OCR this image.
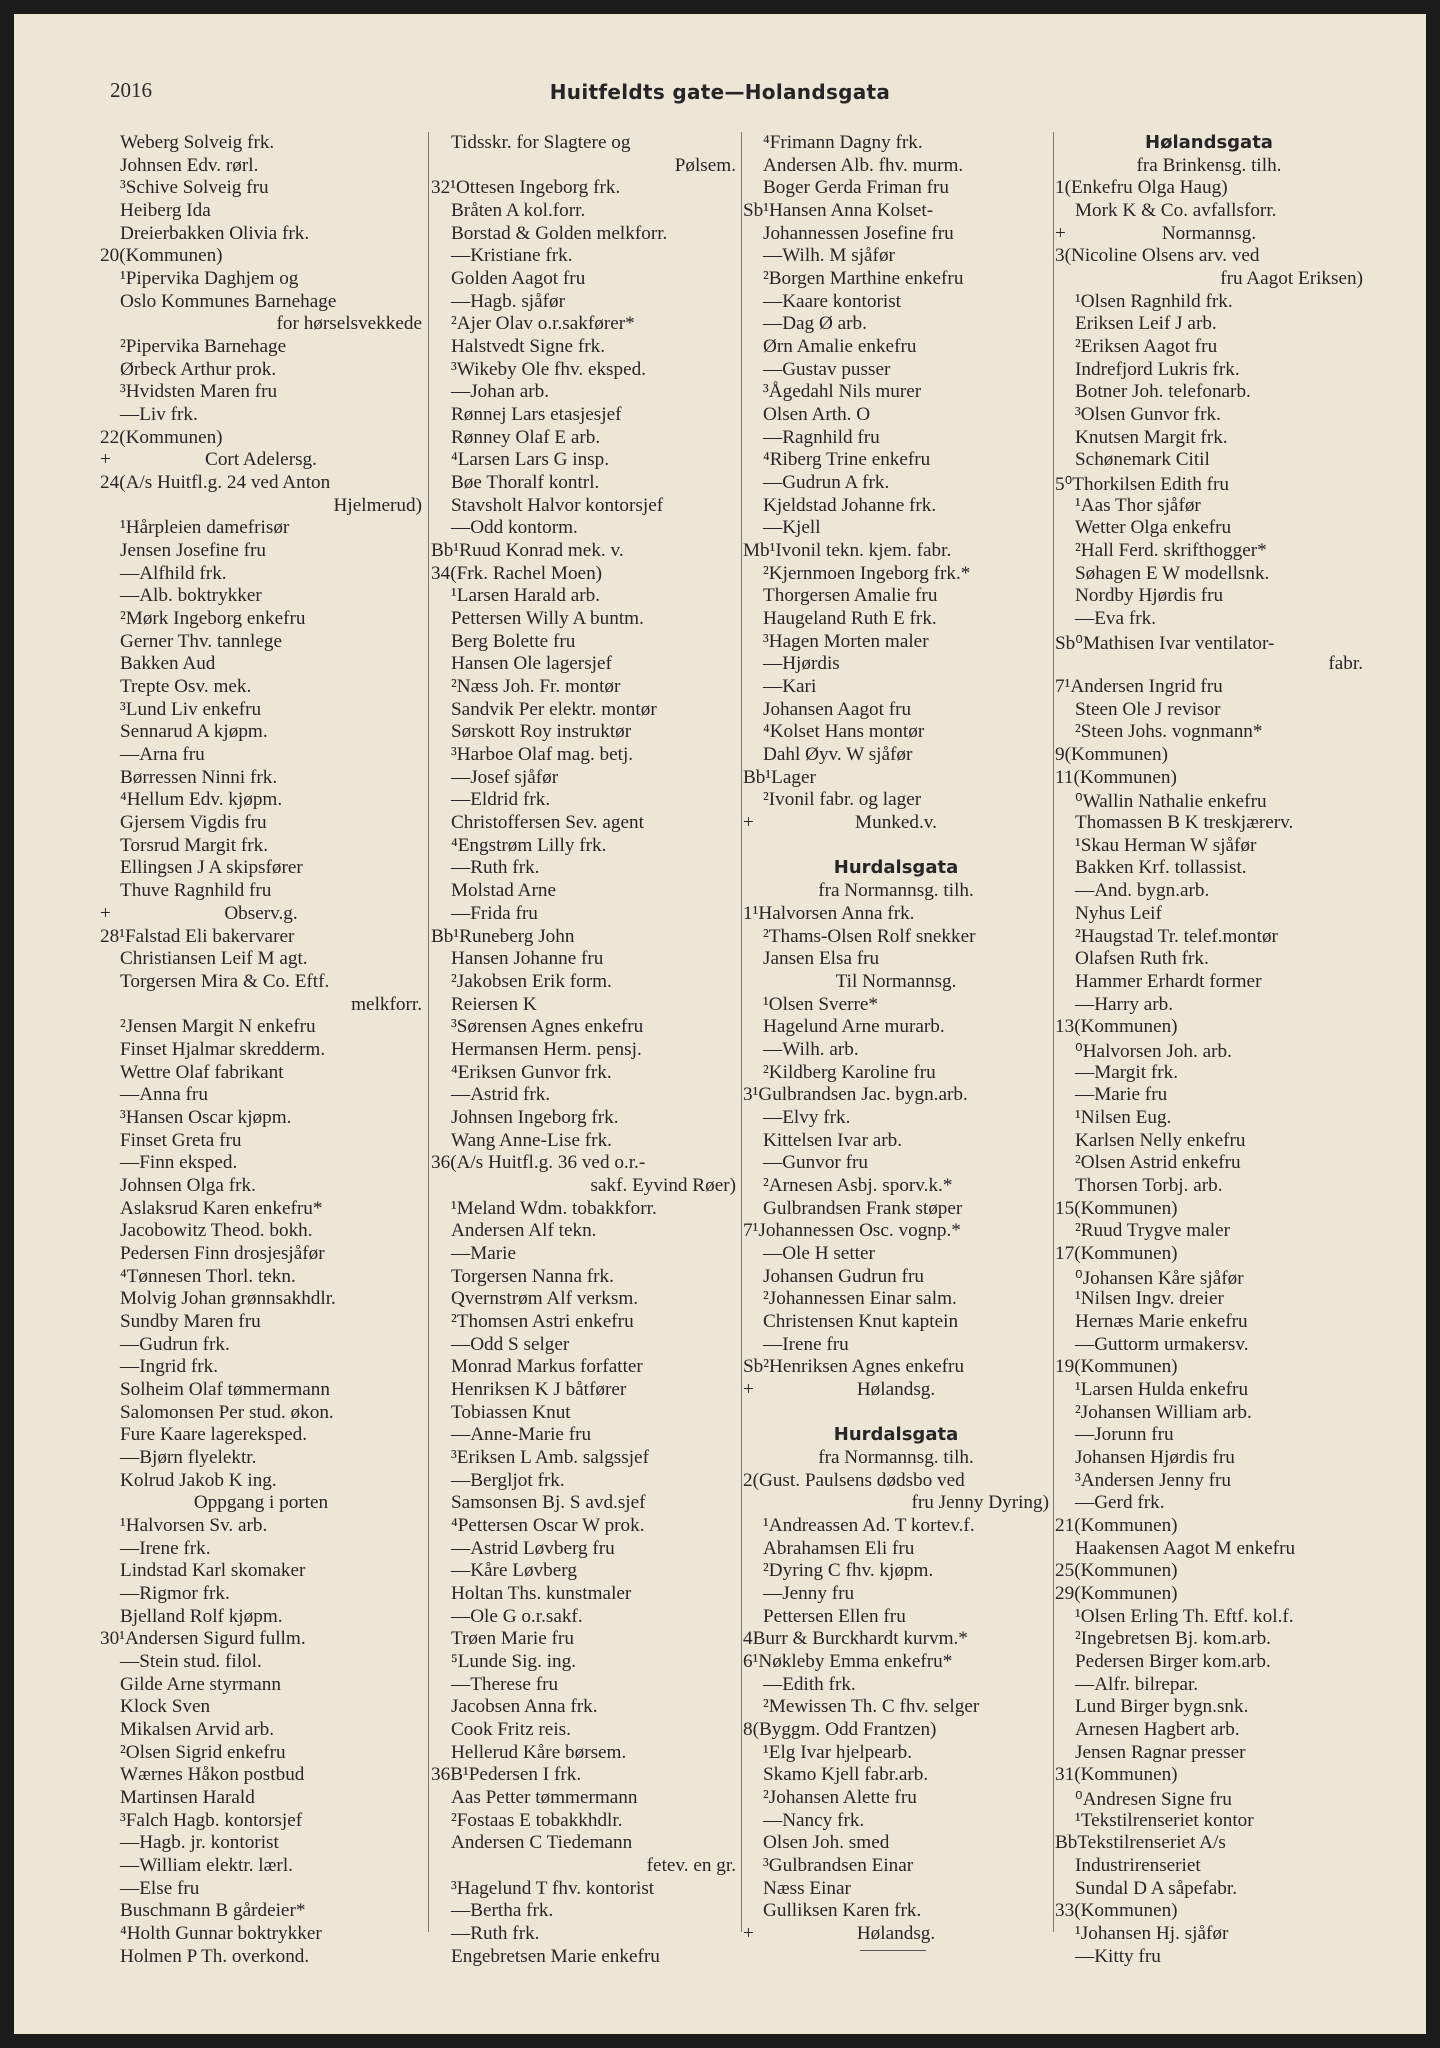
2016	Huitfeldts gate—Holandsgata
Weberg Solveig frk.
Johnsen Edv. rørl.
³Schive Solveig fru
Heiberg Ida
Dreierbakken Olivia frk.
20(Kommunen)
¹Pipervika Daghjem og
Oslo Kommunes Barnehage
for hørselsvekkede
²Pipervika Barnehage
Ørbeck Arthur prok.
³Hvidsten Maren fru
—Liv frk.
22(Kommunen)
+	Cort Adelersg.
24(A/s Huitfl.g. 24 ved Anton
Hjelmerud)
¹Hårpleien damefrisør
Jensen Josefine fru
—Alfhild frk.
—Alb. boktrykker
²Mørk Ingeborg enkefru
Gerner Thv. tannlege
Bakken Aud
Trepte Osv. mek.
³Lund Liv enkefru
Sennarud A kjøpm.
—Arna fru
Børressen Ninni frk.
⁴Hellum Edv. kjøpm.
Gjersem Vigdis fru
Torsrud Margit frk.
Ellingsen J A skipsfører
Thuve Ragnhild fru
+	Observ.g.
28¹Falstad Eli bakervarer
Christiansen Leif M agt.
Torgersen Mira & Co. Eftf.
melkforr.
²Jensen Margit N enkefru
Finset Hjalmar skredderm.
Wettre Olaf fabrikant
—Anna fru
³Hansen Oscar kjøpm.
Finset Greta fru
—Finn eksped.
Johnsen Olga frk.
Aslaksrud Karen enkefru*
Jacobowitz Theod. bokh.
Pedersen Finn drosjesjåfør
⁴Tønnesen Thorl. tekn.
Molvig Johan grønnsakhdlr.
Sundby Maren fru
—Gudrun frk.
—Ingrid frk.
Solheim Olaf tømmermann
Salomonsen Per stud. økon.
Fure Kaare lagereksped.
—Bjørn flyelektr.
Kolrud Jakob K ing.
Oppgang i porten
¹Halvorsen Sv. arb.
—Irene frk.
Lindstad Karl skomaker
—Rigmor frk.
Bjelland Rolf kjøpm.
30¹Andersen Sigurd fullm.
—Stein stud. filol.
Gilde Arne styrmann
Klock Sven
Mikalsen Arvid arb.
²Olsen Sigrid enkefru
Wærnes Håkon postbud
Martinsen Harald
³Falch Hagb. kontorsjef
—Hagb. jr. kontorist
—William elektr. lærl.
—Else fru
Buschmann B gårdeier*
⁴Holth Gunnar boktrykker
Holmen P Th. overkond.
Tidsskr. for Slagtere og
Pølsem.
32¹Ottesen Ingeborg frk.
Bråten A kol.forr.
Borstad & Golden melkforr.
—Kristiane frk.
Golden Aagot fru
—Hagb. sjåfør
²Ajer Olav o.r.sakfører*
Halstvedt Signe frk.
³Wikeby Ole fhv. eksped.
—Johan arb.
Rønnej Lars etasjesjef
Rønney Olaf E arb.
⁴Larsen Lars G insp.
Bøe Thoralf kontrl.
Stavsholt Halvor kontorsjef
—Odd kontorm.
Bb¹Ruud Konrad mek. v.
34(Frk. Rachel Moen)
¹Larsen Harald arb.
Pettersen Willy A buntm.
Berg Bolette fru
Hansen Ole lagersjef
²Næss Joh. Fr. montør
Sandvik Per elektr. montør
Sørskott Roy instruktør
³Harboe Olaf mag. betj.
—Josef sjåfør
—Eldrid frk.
Christoffersen Sev. agent
⁴Engstrøm Lilly frk.
—Ruth frk.
Molstad Arne
—Frida fru
Bb¹Runeberg John
Hansen Johanne fru
²Jakobsen Erik form.
Reiersen K
³Sørensen Agnes enkefru
Hermansen Herm. pensj.
⁴Eriksen Gunvor frk.
—Astrid frk.
Johnsen Ingeborg frk.
Wang Anne-Lise frk.
36(A/s Huitfl.g. 36 ved o.r.-
sakf. Eyvind Røer)
¹Meland Wdm. tobakkforr.
Andersen Alf tekn.
—Marie
Torgersen Nanna frk.
Qvernstrøm Alf verksm.
²Thomsen Astri enkefru
—Odd S selger
Monrad Markus forfatter
Henriksen K J båtfører
Tobiassen Knut
—Anne-Marie fru
³Eriksen L Amb. salgssjef
—Bergljot frk.
Samsonsen Bj. S avd.sjef
⁴Pettersen Oscar W prok.
—Astrid Løvberg fru
—Kåre Løvberg
Holtan Ths. kunstmaler
—Ole G o.r.sakf.
Trøen Marie fru
⁵Lunde Sig. ing.
—Therese fru
Jacobsen Anna frk.
Cook Fritz reis.
Hellerud Kåre børsem.
36B¹Pedersen I frk.
Aas Petter tømmermann
²Fostaas E tobakkhdlr.
Andersen C Tiedemann
fetev. en gr.
³Hagelund T fhv. kontorist
—Bertha frk.
—Ruth frk.
Engebretsen Marie enkefru
⁴Frimann Dagny frk.
Andersen Alb. fhv. murm.
Boger Gerda Friman fru
Sb¹Hansen Anna Kolset-
Johannessen Josefine fru
—Wilh. M sjåfør
²Borgen Marthine enkefru
—Kaare kontorist
—Dag Ø arb.
Ørn Amalie enkefru
—Gustav pusser
³Ågedahl Nils murer
Olsen Arth. O
—Ragnhild fru
⁴Riberg Trine enkefru
—Gudrun A frk.
Kjeldstad Johanne frk.
—Kjell
Mb¹Ivonil tekn. kjem. fabr.
²Kjernmoen Ingeborg frk.*
Thorgersen Amalie fru
Haugeland Ruth E frk.
³Hagen Morten maler
—Hjørdis
—Kari
Johansen Aagot fru
⁴Kolset Hans montør
Dahl Øyv. W sjåfør
Bb¹Lager
²Ivonil fabr. og lager
+	Munked.v.
Hurdalsgata
fra Normannsg. tilh.
1¹Halvorsen Anna frk.
²Thams-Olsen Rolf snekker
Jansen Elsa fru
Til Normannsg.
¹Olsen Sverre*
Hagelund Arne murarb.
—Wilh. arb.
²Kildberg Karoline fru
3¹Gulbrandsen Jac. bygn.arb.
—Elvy frk.
Kittelsen Ivar arb.
—Gunvor fru
²Arnesen Asbj. sporv.k.*
Gulbrandsen Frank støper
7¹Johannessen Osc. vognp.*
—Ole H setter
Johansen Gudrun fru
²Johannessen Einar salm.
Christensen Knut kaptein
—Irene fru
Sb²Henriksen Agnes enkefru
+	Hølandsg.
Hurdalsgata
fra Normannsg. tilh.
2(Gust. Paulsens dødsbo ved
fru Jenny Dyring)
¹Andreassen Ad. T kortev.f.
Abrahamsen Eli fru
²Dyring C fhv. kjøpm.
—Jenny fru
Pettersen Ellen fru
4Burr & Burckhardt kurvm.*
6¹Nøkleby Emma enkefru*
—Edith frk.
²Mewissen Th. C fhv. selger
8(Byggm. Odd Frantzen)
¹Elg Ivar hjelpearb.
Skamo Kjell fabr.arb.
²Johansen Alette fru
—Nancy frk.
Olsen Joh. smed
³Gulbrandsen Einar
Næss Einar
Gulliksen Karen frk.
+	Hølandsg.
Hølandsgata
fra Brinkensg. tilh.
1(Enkefru Olga Haug)
Mork K & Co. avfallsforr.
+	Normannsg.
3(Nicoline Olsens arv. ved
fru Aagot Eriksen)
¹Olsen Ragnhild frk.
Eriksen Leif J arb.
²Eriksen Aagot fru
Indrefjord Lukris frk.
Botner Joh. telefonarb.
³Olsen Gunvor frk.
Knutsen Margit frk.
Schønemark Citil
5⁰Thorkilsen Edith fru
¹Aas Thor sjåfør
Wetter Olga enkefru
²Hall Ferd. skrifthogger*
Søhagen E W modellsnk.
Nordby Hjørdis fru
—Eva frk.
Sb⁰Mathisen Ivar ventilator-
fabr.
7¹Andersen Ingrid fru
Steen Ole J revisor
²Steen Johs. vognmann*
9(Kommunen)
11(Kommunen)
⁰Wallin Nathalie enkefru
Thomassen B K treskjærerv.
¹Skau Herman W sjåfør
Bakken Krf. tollassist.
—And. bygn.arb.
Nyhus Leif
²Haugstad Tr. telef.montør
Olafsen Ruth frk.
Hammer Erhardt former
—Harry arb.
13(Kommunen)
⁰Halvorsen Joh. arb.
—Margit frk.
—Marie fru
¹Nilsen Eug.
Karlsen Nelly enkefru
²Olsen Astrid enkefru
Thorsen Torbj. arb.
15(Kommunen)
²Ruud Trygve maler
17(Kommunen)
⁰Johansen Kåre sjåfør
¹Nilsen Ingv. dreier
Hernæs Marie enkefru
—Guttorm urmakersv.
19(Kommunen)
¹Larsen Hulda enkefru
²Johansen William arb.
—Jorunn fru
Johansen Hjørdis fru
³Andersen Jenny fru
—Gerd frk.
21(Kommunen)
Haakensen Aagot M enkefru
25(Kommunen)
29(Kommunen)
¹Olsen Erling Th. Eftf. kol.f.
²Ingebretsen Bj. kom.arb.
Pedersen Birger kom.arb.
—Alfr. bilrepar.
Lund Birger bygn.snk.
Arnesen Hagbert arb.
Jensen Ragnar presser
31(Kommunen)
⁰Andresen Signe fru
¹Tekstilrenseriet kontor
BbTekstilrenseriet A/s
Industrirenseriet
Sundal D A såpefabr.
33(Kommunen)
¹Johansen Hj. sjåfør
—Kitty fru
